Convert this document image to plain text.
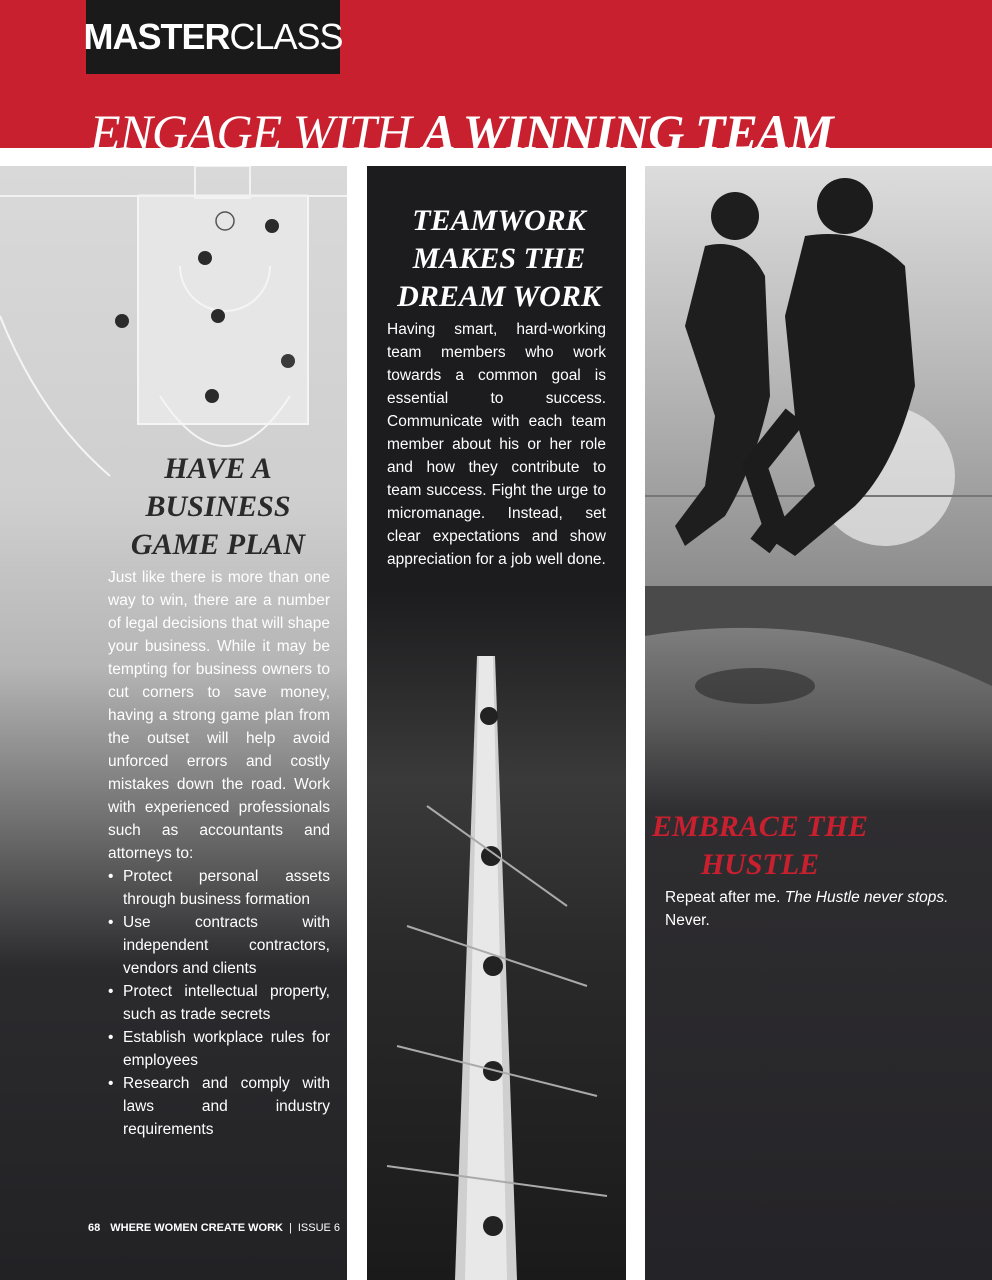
MASTER CLASS
ENGAGE WITH A WINNING TEAM
HAVE A BUSINESS GAME PLAN

Just like there is more than one way to win, there are a number of legal decisions that will shape your business. While it may be tempting for business owners to cut corners to save money, having a strong game plan from the outset will help avoid unforced errors and costly mistakes down the road. Work with experienced professionals such as accountants and attorneys to:

• Protect personal assets through business formation
• Use contracts with independent contractors, vendors and clients
• Protect intellectual property, such as trade secrets
• Establish workplace rules for employees
• Research and comply with laws and industry requirements
TEAMWORK MAKES THE DREAM WORK

Having smart, hard-working team members who work towards a common goal is essential to success. Communicate with each team member about his or her role and how they contribute to team success. Fight the urge to micromanage. Instead, set clear expectations and show appreciation for a job well done.

EMBRACE THE HUSTLE

Repeat after me. The Hustle never stops. Never.

68 WHERE WOMEN CREATE WORK | ISSUE 6
